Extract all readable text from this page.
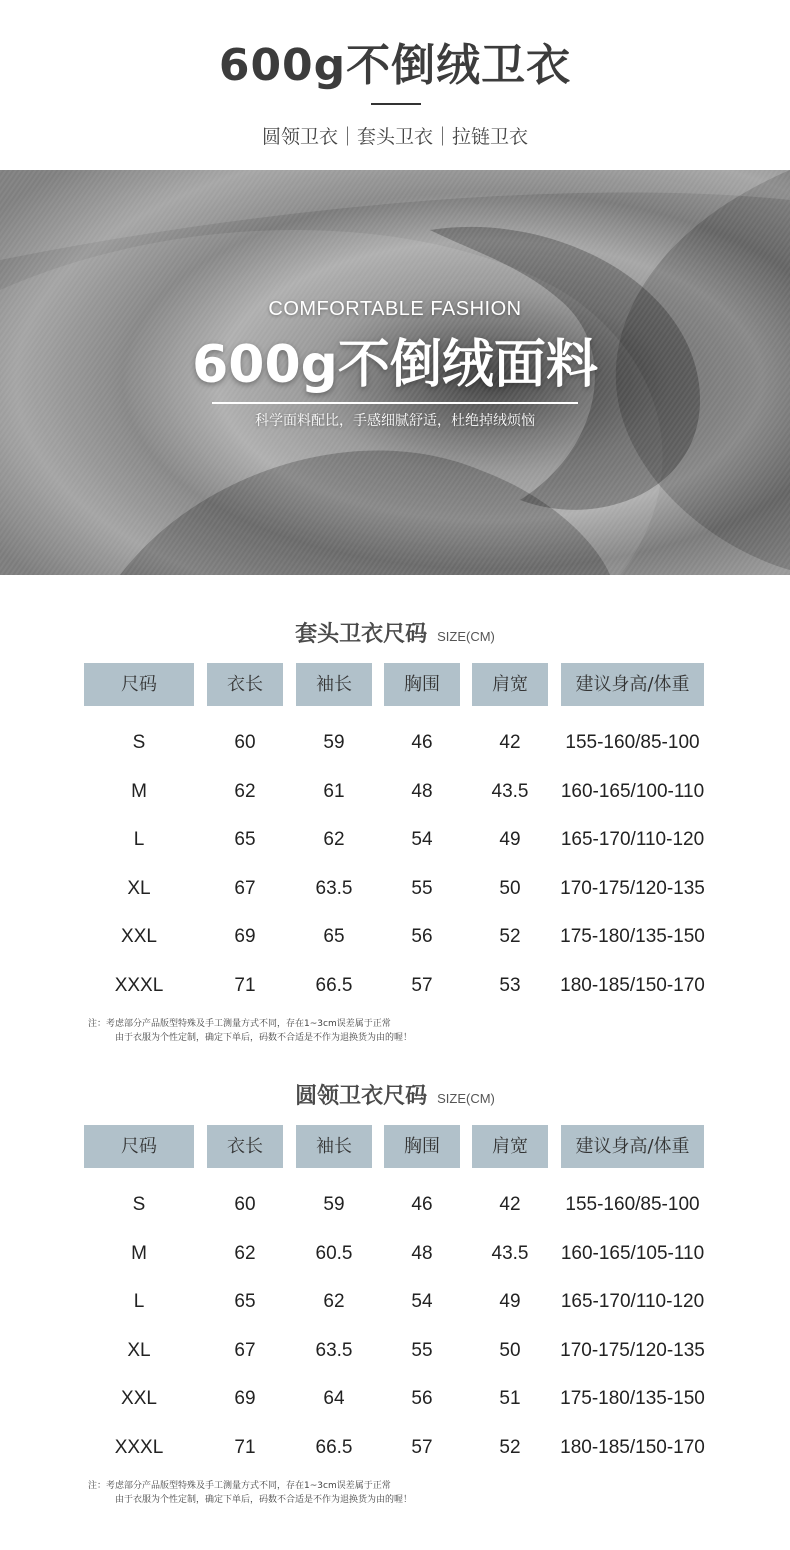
600g不倒绒卫衣
圆领卫衣｜套头卫衣｜拉链卫衣
COMFORTABLE FASHION
600g不倒绒面料
科学面料配比，手感细腻舒适，杜绝掉绒烦恼
套头卫衣尺码 SIZE(CM)
尺码	衣长	袖长	胸围	肩宽	建议身高/体重
S	60	59	46	42	155-160/85-100
M	62	61	48	43.5	160-165/100-110
L	65	62	54	49	165-170/110-120
XL	67	63.5	55	50	170-175/120-135
XXL	69	65	56	52	175-180/135-150
XXXL	71	66.5	57	53	180-185/150-170
注：考虑部分产品版型特殊及手工测量方式不同，存在1~3cm误差属于正常
由于衣服为个性定制，确定下单后，码数不合适是不作为退换货为由的喔！
圆领卫衣尺码 SIZE(CM)
尺码	衣长	袖长	胸围	肩宽	建议身高/体重
S	60	59	46	42	155-160/85-100
M	62	60.5	48	43.5	160-165/105-110
L	65	62	54	49	165-170/110-120
XL	67	63.5	55	50	170-175/120-135
XXL	69	64	56	51	175-180/135-150
XXXL	71	66.5	57	52	180-185/150-170
注：考虑部分产品版型特殊及手工测量方式不同，存在1~3cm误差属于正常
由于衣服为个性定制，确定下单后，码数不合适是不作为退换货为由的喔！
